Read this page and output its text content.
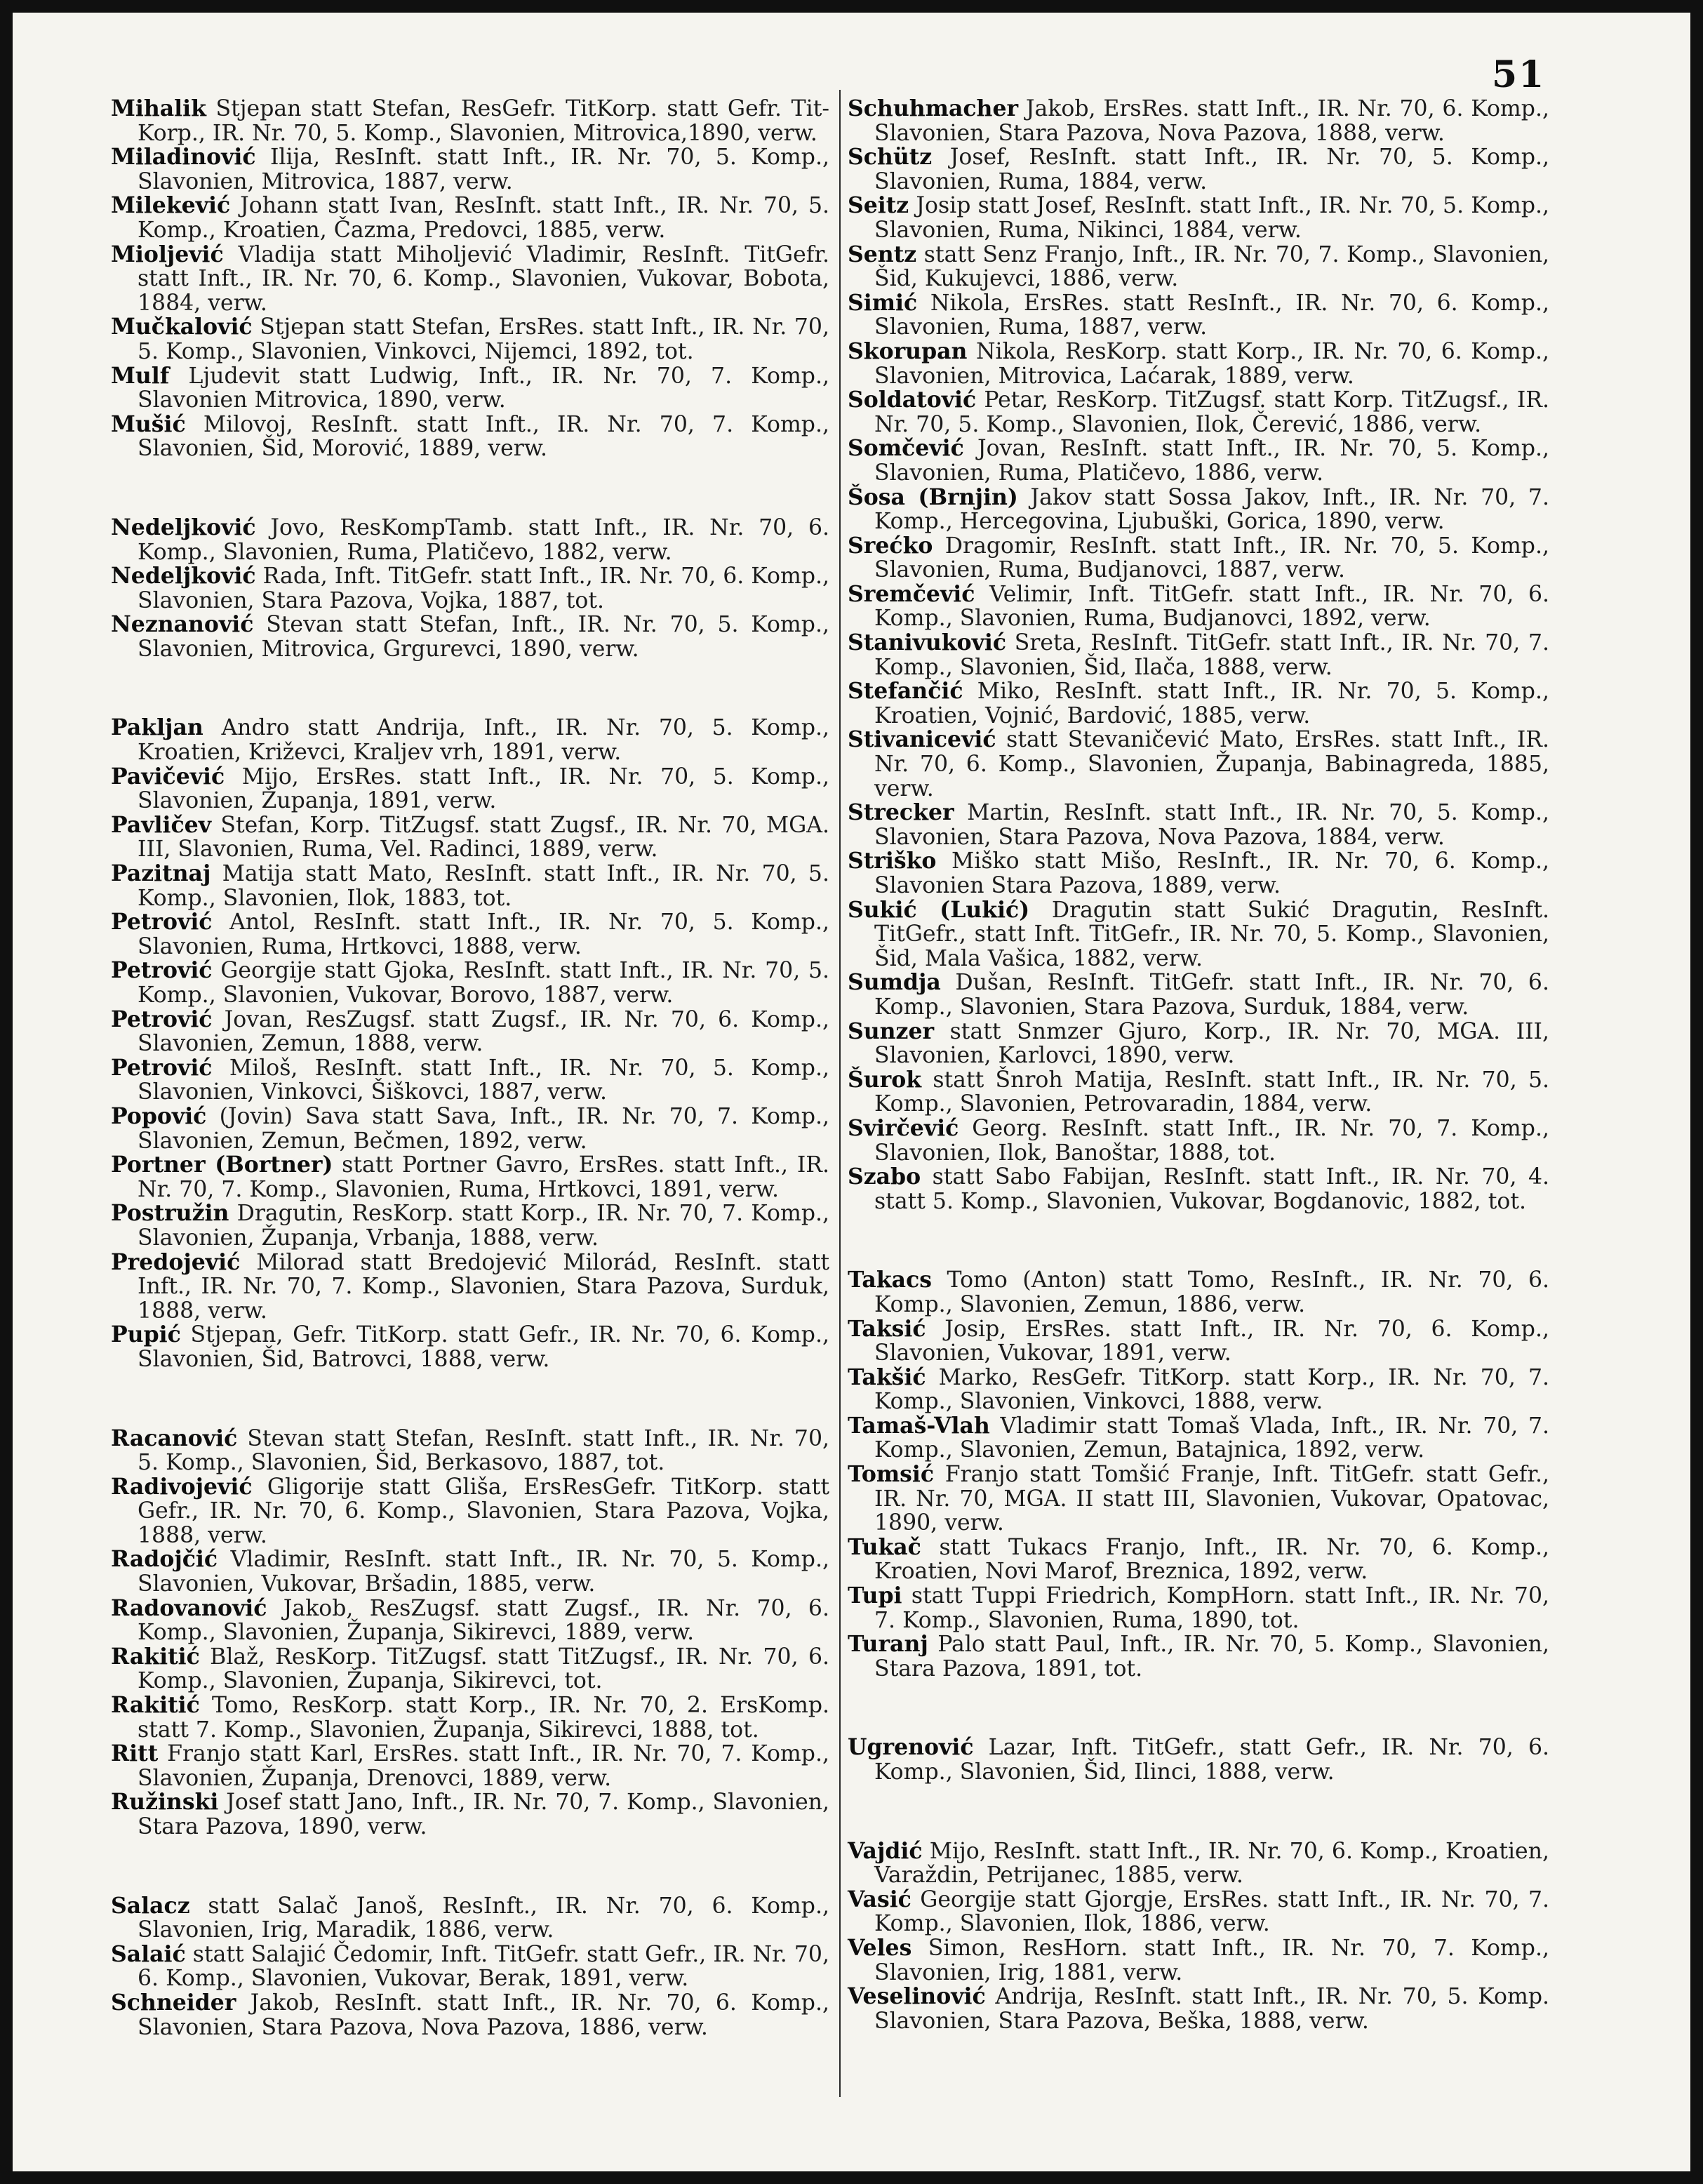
51

Mihalik Stjepan statt Stefan, ResGefr. TitKorp. statt Gefr. Tit-Korp., IR. Nr. 70, 5. Komp., Slavonien, Mitrovica,1890, verw.

Miladinović Ilija, ResInft. statt Inft., IR. Nr. 70, 5. Komp., Slavonien, Mitrovica, 1887, verw.

Milekević Johann statt Ivan, ResInft. statt Inft., IR. Nr. 70, 5. Komp., Kroatien, Čazma, Predovci, 1885, verw.

Mioljević Vladija statt Miholjević Vladimir, ResInft. TitGefr. statt Inft., IR. Nr. 70, 6. Komp., Slavonien, Vukovar, Bobota, 1884, verw.

Mučkalović Stjepan statt Stefan, ErsRes. statt Inft., IR. Nr. 70, 5. Komp., Slavonien, Vinkovci, Nijemci, 1892, tot.

Mulf Ljudevit statt Ludwig, Inft., IR. Nr. 70, 7. Komp., Slavonien Mitrovica, 1890, verw.

Mušić Milovoj, ResInft. statt Inft., IR. Nr. 70, 7. Komp., Slavonien, Šid, Morović, 1889, verw.

Nedeljković Jovo, ResKompTamb. statt Inft., IR. Nr. 70, 6. Komp., Slavonien, Ruma, Platičevo, 1882, verw.

Nedeljković Rada, Inft. TitGefr. statt Inft., IR. Nr. 70, 6. Komp., Slavonien, Stara Pazova, Vojka, 1887, tot.

Neznanović Stevan statt Stefan, Inft., IR. Nr. 70, 5. Komp., Slavonien, Mitrovica, Grgurevci, 1890, verw.

Pakljan Andro statt Andrija, Inft., IR. Nr. 70, 5. Komp., Kroatien, Križevci, Kraljev vrh, 1891, verw.

Pavičević Mijo, ErsRes. statt Inft., IR. Nr. 70, 5. Komp., Slavonien, Županja, 1891, verw.

Pavličev Stefan, Korp. TitZugsf. statt Zugsf., IR. Nr. 70, MGA. III, Slavonien, Ruma, Vel. Radinci, 1889, verw.

Pazitnaj Matija statt Mato, ResInft. statt Inft., IR. Nr. 70, 5. Komp., Slavonien, Ilok, 1883, tot.

Petrović Antol, ResInft. statt Inft., IR. Nr. 70, 5. Komp., Slavonien, Ruma, Hrtkovci, 1888, verw.

Petrović Georgije statt Gjoka, ResInft. statt Inft., IR. Nr. 70, 5. Komp., Slavonien, Vukovar, Borovo, 1887, verw.

Petrović Jovan, ResZugsf. statt Zugsf., IR. Nr. 70, 6. Komp., Slavonien, Zemun, 1888, verw.

Petrović Miloš, ResInft. statt Inft., IR. Nr. 70, 5. Komp., Slavonien, Vinkovci, Šiškovci, 1887, verw.

Popović (Jovin) Sava statt Sava, Inft., IR. Nr. 70, 7. Komp., Slavonien, Zemun, Bečmen, 1892, verw.

Portner (Bortner) statt Portner Gavro, ErsRes. statt Inft., IR. Nr. 70, 7. Komp., Slavonien, Ruma, Hrtkovci, 1891, verw.

Postružin Dragutin, ResKorp. statt Korp., IR. Nr. 70, 7. Komp., Slavonien, Županja, Vrbanja, 1888, verw.

Predojević Milorad statt Bredojević Milorád, ResInft. statt Inft., IR. Nr. 70, 7. Komp., Slavonien, Stara Pazova, Surduk, 1888, verw.

Pupić Stjepan, Gefr. TitKorp. statt Gefr., IR. Nr. 70, 6. Komp., Slavonien, Šid, Batrovci, 1888, verw.

Racanović Stevan statt Stefan, ResInft. statt Inft., IR. Nr. 70, 5. Komp., Slavonien, Šid, Berkasovo, 1887, tot.

Radivojević Gligorije statt Gliša, ErsResGefr. TitKorp. statt Gefr., IR. Nr. 70, 6. Komp., Slavonien, Stara Pazova, Vojka, 1888, verw.

Radojčić Vladimir, ResInft. statt Inft., IR. Nr. 70, 5. Komp., Slavonien, Vukovar, Bršadin, 1885, verw.

Radovanović Jakob, ResZugsf. statt Zugsf., IR. Nr. 70, 6. Komp., Slavonien, Županja, Sikirevci, 1889, verw.

Rakitić Blaž, ResKorp. TitZugsf. statt TitZugsf., IR. Nr. 70, 6. Komp., Slavonien, Županja, Sikirevci, tot.

Rakitić Tomo, ResKorp. statt Korp., IR. Nr. 70, 2. ErsKomp. statt 7. Komp., Slavonien, Županja, Sikirevci, 1888, tot.

Ritt Franjo statt Karl, ErsRes. statt Inft., IR. Nr. 70, 7. Komp., Slavonien, Županja, Drenovci, 1889, verw.

Ružinski Josef statt Jano, Inft., IR. Nr. 70, 7. Komp., Slavonien, Stara Pazova, 1890, verw.

Salacz statt Salač Janoš, ResInft., IR. Nr. 70, 6. Komp., Slavonien, Irig, Maradik, 1886, verw.

Salaić statt Salajić Čedomir, Inft. TitGefr. statt Gefr., IR. Nr. 70, 6. Komp., Slavonien, Vukovar, Berak, 1891, verw.

Schneider Jakob, ResInft. statt Inft., IR. Nr. 70, 6. Komp., Slavonien, Stara Pazova, Nova Pazova, 1886, verw.

Schuhmacher Jakob, ErsRes. statt Inft., IR. Nr. 70, 6. Komp., Slavonien, Stara Pazova, Nova Pazova, 1888, verw.

Schütz Josef, ResInft. statt Inft., IR. Nr. 70, 5. Komp., Slavonien, Ruma, 1884, verw.

Seitz Josip statt Josef, ResInft. statt Inft., IR. Nr. 70, 5. Komp., Slavonien, Ruma, Nikinci, 1884, verw.

Sentz statt Senz Franjo, Inft., IR. Nr. 70, 7. Komp., Slavonien, Šid, Kukujevci, 1886, verw.

Simić Nikola, ErsRes. statt ResInft., IR. Nr. 70, 6. Komp., Slavonien, Ruma, 1887, verw.

Skorupan Nikola, ResKorp. statt Korp., IR. Nr. 70, 6. Komp., Slavonien, Mitrovica, Laćarak, 1889, verw.

Soldatović Petar, ResKorp. TitZugsf. statt Korp. TitZugsf., IR. Nr. 70, 5. Komp., Slavonien, Ilok, Čerević, 1886, verw.

Somčević Jovan, ResInft. statt Inft., IR. Nr. 70, 5. Komp., Slavonien, Ruma, Platičevo, 1886, verw.

Šosa (Brnjin) Jakov statt Sossa Jakov, Inft., IR. Nr. 70, 7. Komp., Hercegovina, Ljubuški, Gorica, 1890, verw.

Srećko Dragomir, ResInft. statt Inft., IR. Nr. 70, 5. Komp., Slavonien, Ruma, Budjanovci, 1887, verw.

Sremčević Velimir, Inft. TitGefr. statt Inft., IR. Nr. 70, 6. Komp., Slavonien, Ruma, Budjanovci, 1892, verw.

Stanivuković Sreta, ResInft. TitGefr. statt Inft., IR. Nr. 70, 7. Komp., Slavonien, Šid, Ilača, 1888, verw.

Stefančić Miko, ResInft. statt Inft., IR. Nr. 70, 5. Komp., Kroatien, Vojnić, Bardović, 1885, verw.

Stivanicević statt Stevaničević Mato, ErsRes. statt Inft., IR. Nr. 70, 6. Komp., Slavonien, Županja, Babinagreda, 1885, verw.

Strecker Martin, ResInft. statt Inft., IR. Nr. 70, 5. Komp., Slavonien, Stara Pazova, Nova Pazova, 1884, verw.

Striško Miško statt Mišo, ResInft., IR. Nr. 70, 6. Komp., Slavonien Stara Pazova, 1889, verw.

Sukić (Lukić) Dragutin statt Sukić Dragutin, ResInft. TitGefr., statt Inft. TitGefr., IR. Nr. 70, 5. Komp., Slavonien, Šid, Mala Vašica, 1882, verw.

Sumdja Dušan, ResInft. TitGefr. statt Inft., IR. Nr. 70, 6. Komp., Slavonien, Stara Pazova, Surduk, 1884, verw.

Sunzer statt Snmzer Gjuro, Korp., IR. Nr. 70, MGA. III, Slavonien, Karlovci, 1890, verw.

Šurok statt Šnroh Matija, ResInft. statt Inft., IR. Nr. 70, 5. Komp., Slavonien, Petrovaradin, 1884, verw.

Svirčević Georg. ResInft. statt Inft., IR. Nr. 70, 7. Komp., Slavonien, Ilok, Banoštar, 1888, tot.

Szabo statt Sabo Fabijan, ResInft. statt Inft., IR. Nr. 70, 4. statt 5. Komp., Slavonien, Vukovar, Bogdanovic, 1882, tot.

Takacs Tomo (Anton) statt Tomo, ResInft., IR. Nr. 70, 6. Komp., Slavonien, Zemun, 1886, verw.

Taksić Josip, ErsRes. statt Inft., IR. Nr. 70, 6. Komp., Slavonien, Vukovar, 1891, verw.

Takšić Marko, ResGefr. TitKorp. statt Korp., IR. Nr. 70, 7. Komp., Slavonien, Vinkovci, 1888, verw.

Tamaš-Vlah Vladimir statt Tomaš Vlada, Inft., IR. Nr. 70, 7. Komp., Slavonien, Zemun, Batajnica, 1892, verw.

Tomsić Franjo statt Tomšić Franje, Inft. TitGefr. statt Gefr., IR. Nr. 70, MGA. II statt III, Slavonien, Vukovar, Opatovac, 1890, verw.

Tukač statt Tukacs Franjo, Inft., IR. Nr. 70, 6. Komp., Kroatien, Novi Marof, Breznica, 1892, verw.

Tupi statt Tuppi Friedrich, KompHorn. statt Inft., IR. Nr. 70, 7. Komp., Slavonien, Ruma, 1890, tot.

Turanj Palo statt Paul, Inft., IR. Nr. 70, 5. Komp., Slavonien, Stara Pazova, 1891, tot.

Ugrenović Lazar, Inft. TitGefr., statt Gefr., IR. Nr. 70, 6. Komp., Slavonien, Šid, Ilinci, 1888, verw.

Vajdić Mijo, ResInft. statt Inft., IR. Nr. 70, 6. Komp., Kroatien, Varaždin, Petrijanec, 1885, verw.

Vasić Georgije statt Gjorgje, ErsRes. statt Inft., IR. Nr. 70, 7. Komp., Slavonien, Ilok, 1886, verw.

Veles Simon, ResHorn. statt Inft., IR. Nr. 70, 7. Komp., Slavonien, Irig, 1881, verw.

Veselinović Andrija, ResInft. statt Inft., IR. Nr. 70, 5. Komp. Slavonien, Stara Pazova, Beška, 1888, verw.
